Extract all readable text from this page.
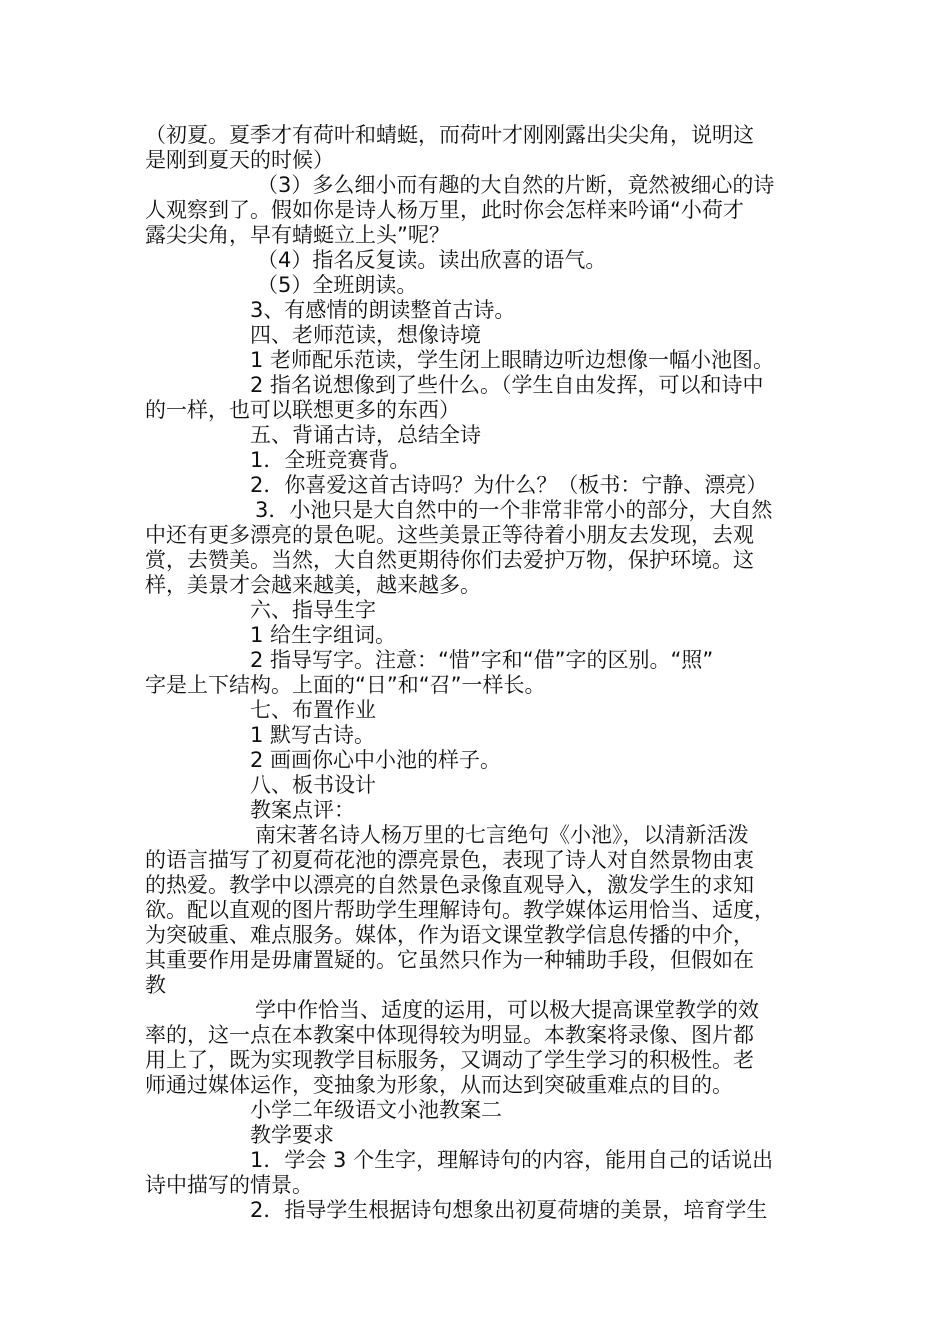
（初夏。夏季才有荷叶和蜻蜓，而荷叶才刚刚露出尖尖角，说明这
是刚到夏天的时候）
（3）多么细小而有趣的大自然的片断，竟然被细心的诗
人观察到了。假如你是诗人杨万里，此时你会怎样来吟诵“小荷才
露尖尖角，早有蜻蜓立上头”呢？
（4）指名反复读。读出欣喜的语气。
（5）全班朗读。
3、有感情的朗读整首古诗。
四、老师范读，想像诗境
1 老师配乐范读，学生闭上眼睛边听边想像一幅小池图。
2 指名说想像到了些什么。（学生自由发挥，可以和诗中
的一样，也可以联想更多的东西）
五、背诵古诗，总结全诗
1．全班竞赛背。
2．你喜爱这首古诗吗？为什么？（板书：宁静、漂亮）
3．小池只是大自然中的一个非常非常小的部分，大自然
中还有更多漂亮的景色呢。这些美景正等待着小朋友去发现，去观
赏，去赞美。当然，大自然更期待你们去爱护万物，保护环境。这
样，美景才会越来越美，越来越多。
六、指导生字
1 给生字组词。
2 指导写字。注意：“惜”字和“借”字的区别。“照”
字是上下结构。上面的“日”和“召”一样长。
七、布置作业
1 默写古诗。
2 画画你心中小池的样子。
八、板书设计
教案点评：
南宋著名诗人杨万里的七言绝句《小池》，以清新活泼
的语言描写了初夏荷花池的漂亮景色，表现了诗人对自然景物由衷
的热爱。教学中以漂亮的自然景色录像直观导入，激发学生的求知
欲。配以直观的图片帮助学生理解诗句。教学媒体运用恰当、适度，
为突破重、难点服务。媒体，作为语文课堂教学信息传播的中介，
其重要作用是毋庸置疑的。它虽然只作为一种辅助手段，但假如在
教
学中作恰当、适度的运用，可以极大提高课堂教学的效
率的，这一点在本教案中体现得较为明显。本教案将录像、图片都
用上了，既为实现教学目标服务，又调动了学生学习的积极性。老
师通过媒体运作，变抽象为形象，从而达到突破重难点的目的。
小学二年级语文小池教案二
教学要求
1．学会 3 个生字，理解诗句的内容，能用自己的话说出
诗中描写的情景。
2．指导学生根据诗句想象出初夏荷塘的美景，培育学生
